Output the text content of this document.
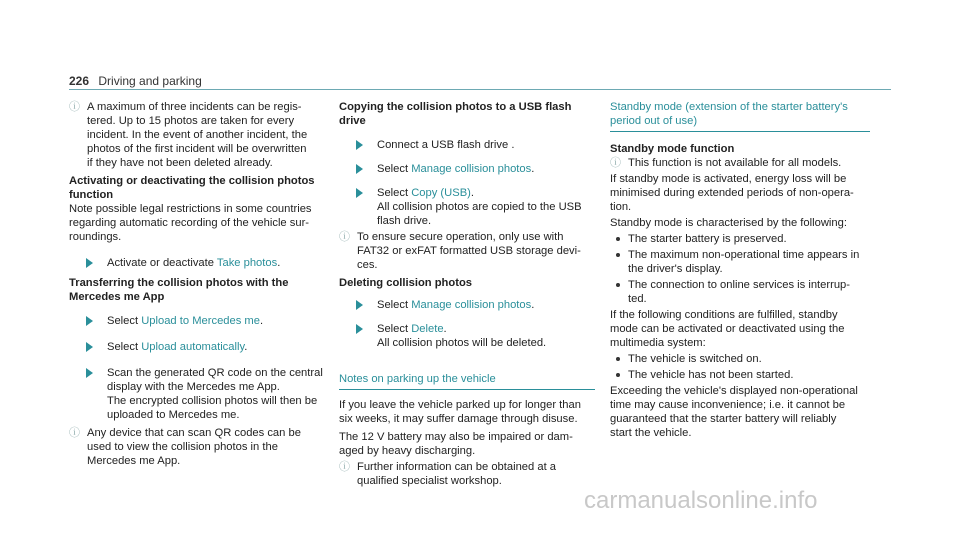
226 Driving and parking
ⓘ A maximum of three incidents can be regis-

tered. Up to 15 photos are taken for every

incident. In the event of another incident, the

photos of the first incident will be overwritten

if they have not been deleted already.

Activating or deactivating the collision photos

function

Note possible legal restrictions in some countries

regarding automatic recording of the vehicle sur-

roundings.

Activate or deactivate Take photos.

Transferring the collision photos with the

Mercedes me App

Select Upload to Mercedes me.

Select Upload automatically.

Scan the generated QR code on the central

display with the Mercedes me App.

The encrypted collision photos will then be

uploaded to Mercedes me.

ⓘ Any device that can scan QR codes can be

used to view the collision photos in the

Mercedes me App.

Copying the collision photos to a USB flash drive

Connect a USB flash drive .

Select Manage collision photos.

Select Copy (USB).

All collision photos are copied to the USB

flash drive.

ⓘ To ensure secure operation, only use with

FAT32 or exFAT formatted USB storage devi-

ces.

Deleting collision photos

Select Manage collision photos.

Select Delete.

All collision photos will be deleted.

Notes on parking up the vehicle

If you leave the vehicle parked up for longer than

six weeks, it may suffer damage through disuse.

The 12 V battery may also be impaired or dam-

aged by heavy discharging.

ⓘ Further information can be obtained at a

qualified specialist workshop.

Standby mode (extension of the starter battery's

period out of use)

Standby mode function

ⓘ This function is not available for all models.

If standby mode is activated, energy loss will be

minimised during extended periods of non-opera-

tion.

Standby mode is characterised by the following:

The starter battery is preserved.

The maximum non-operational time appears in

the driver's display.

The connection to online services is interrup-

ted.

If the following conditions are fulfilled, standby

mode can be activated or deactivated using the

multimedia system:

The vehicle is switched on.

The vehicle has not been started.

Exceeding the vehicle's displayed non-operational

time may cause inconvenience; i.e. it cannot be

guaranteed that the starter battery will reliably

start the vehicle.

carmanualsonline.info
